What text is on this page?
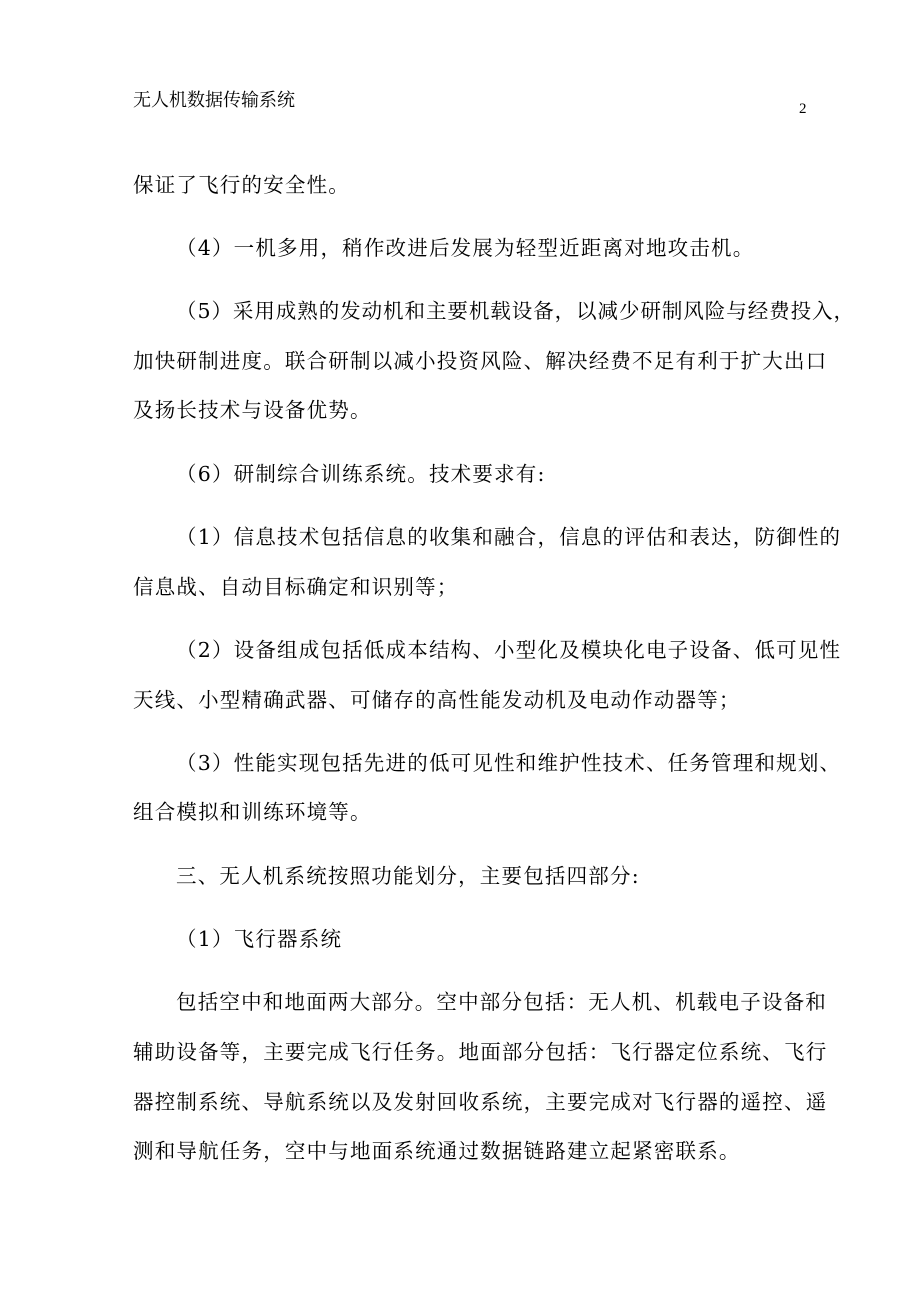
无人机数据传输系统	2
保证了飞行的安全性。
（4）一机多用，稍作改进后发展为轻型近距离对地攻击机。
（5）采用成熟的发动机和主要机载设备，以减少研制风险与经费投入，
加快研制进度。联合研制以减小投资风险、解决经费不足有利于扩大出口
及扬长技术与设备优势。
（6）研制综合训练系统。技术要求有:
（1）信息技术包括信息的收集和融合，信息的评估和表达，防御性的
信息战、自动目标确定和识别等；
（2）设备组成包括低成本结构、小型化及模块化电子设备、低可见性
天线、小型精确武器、可储存的高性能发动机及电动作动器等；
（3）性能实现包括先进的低可见性和维护性技术、任务管理和规划、
组合模拟和训练环境等。
三、无人机系统按照功能划分，主要包括四部分:
（1）飞行器系统
包括空中和地面两大部分。空中部分包括：无人机、机载电子设备和
辅助设备等，主要完成飞行任务。地面部分包括：飞行器定位系统、飞行
器控制系统、导航系统以及发射回收系统，主要完成对飞行器的遥控、遥
测和导航任务，空中与地面系统通过数据链路建立起紧密联系。
